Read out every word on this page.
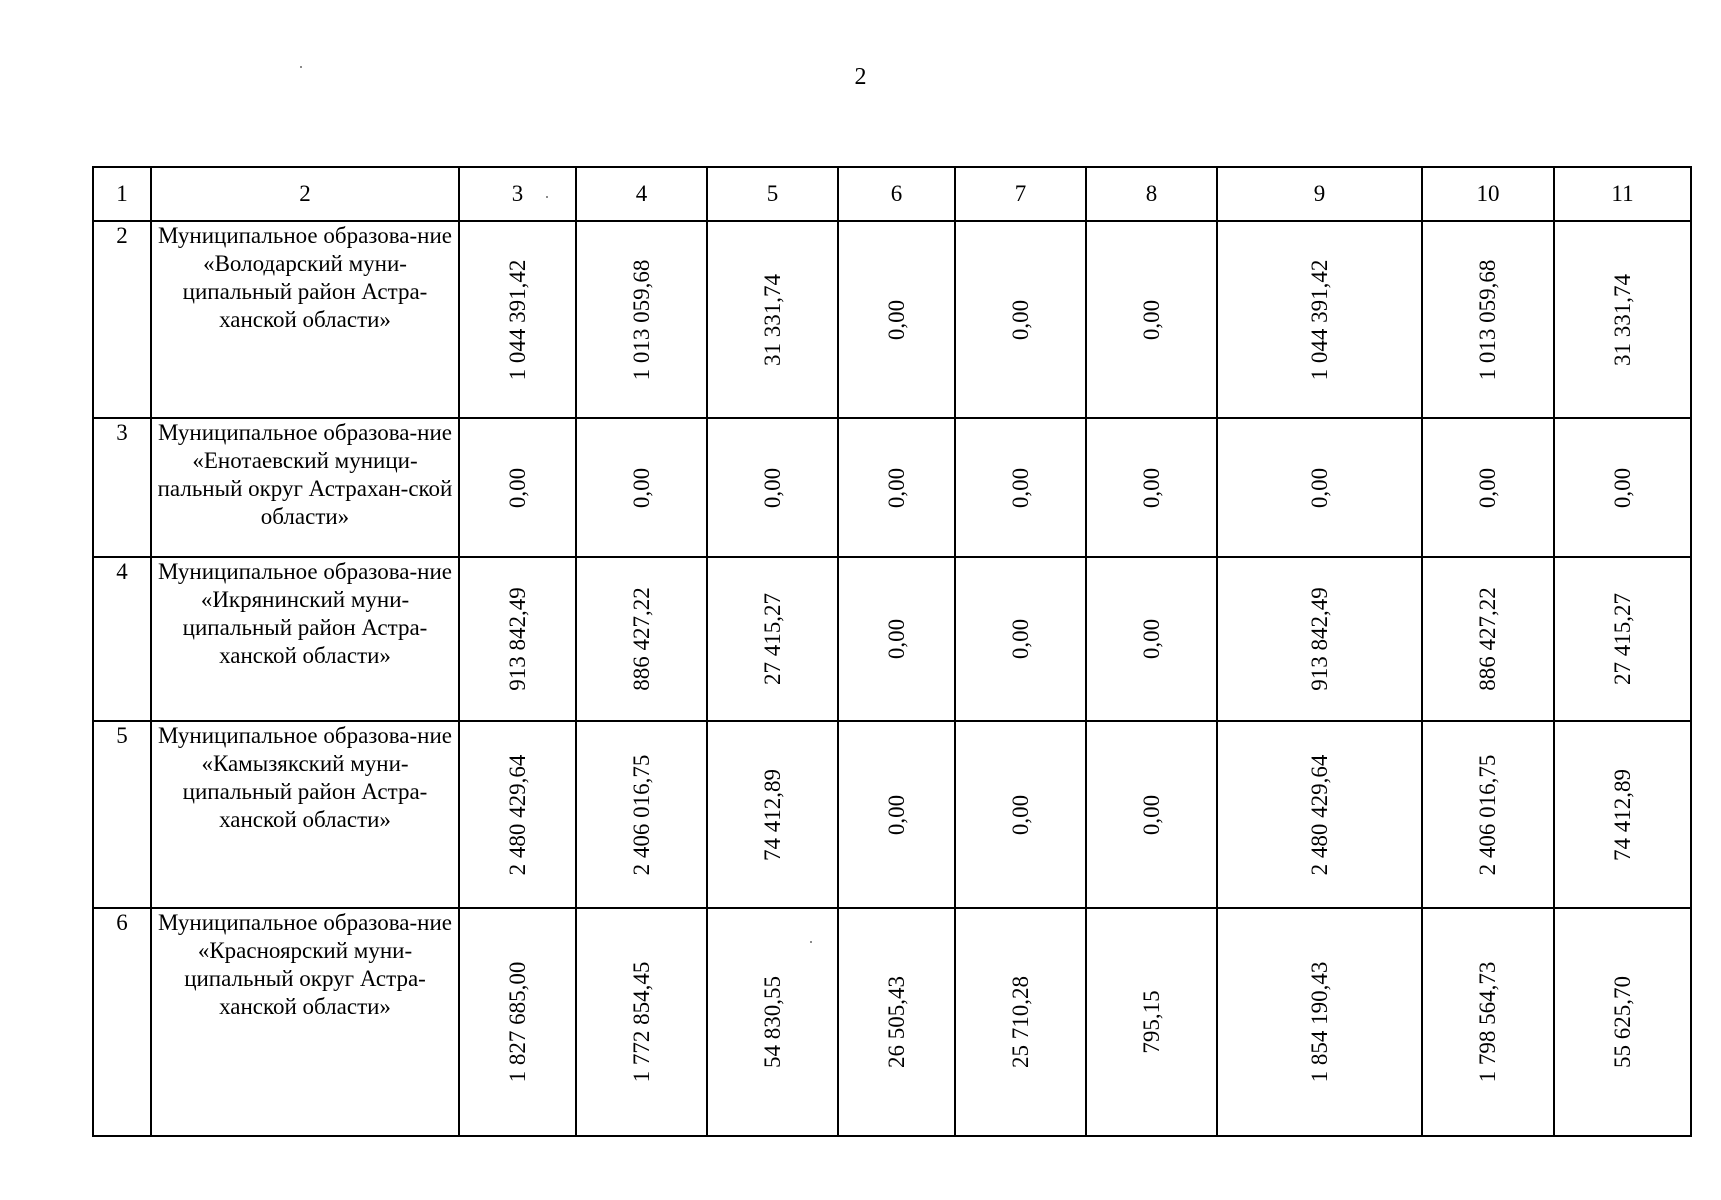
2
1	2	3	4	5	6	7	8	9	10	11
2	Муниципальное образова-ние «Володарский муни-ципальный район Астра-ханской области»	1 044 391,42	1 013 059,68	31 331,74	0,00	0,00	0,00	1 044 391,42	1 013 059,68	31 331,74

3	Муниципальное образова-ние «Енотаевский муници-пальный округ Астрахан-ской области»	0,00	0,00	0,00	0,00	0,00	0,00	0,00	0,00	0,00

4	Муниципальное образова-ние «Икрянинский муни-ципальный район Астра-ханской области»	913 842,49	886 427,22	27 415,27	0,00	0,00	0,00	913 842,49	886 427,22	27 415,27

5	Муниципальное образова-ние «Камызякский муни-ципальный район Астра-ханской области»	2 480 429,64	2 406 016,75	74 412,89	0,00	0,00	0,00	2 480 429,64	2 406 016,75	74 412,89

6	Муниципальное образова-ние «Красноярский муни-ципальный округ Астра-ханской области»	1 827 685,00	1 772 854,45	54 830,55	26 505,43	25 710,28	795,15	1 854 190,43	1 798 564,73	55 625,70
